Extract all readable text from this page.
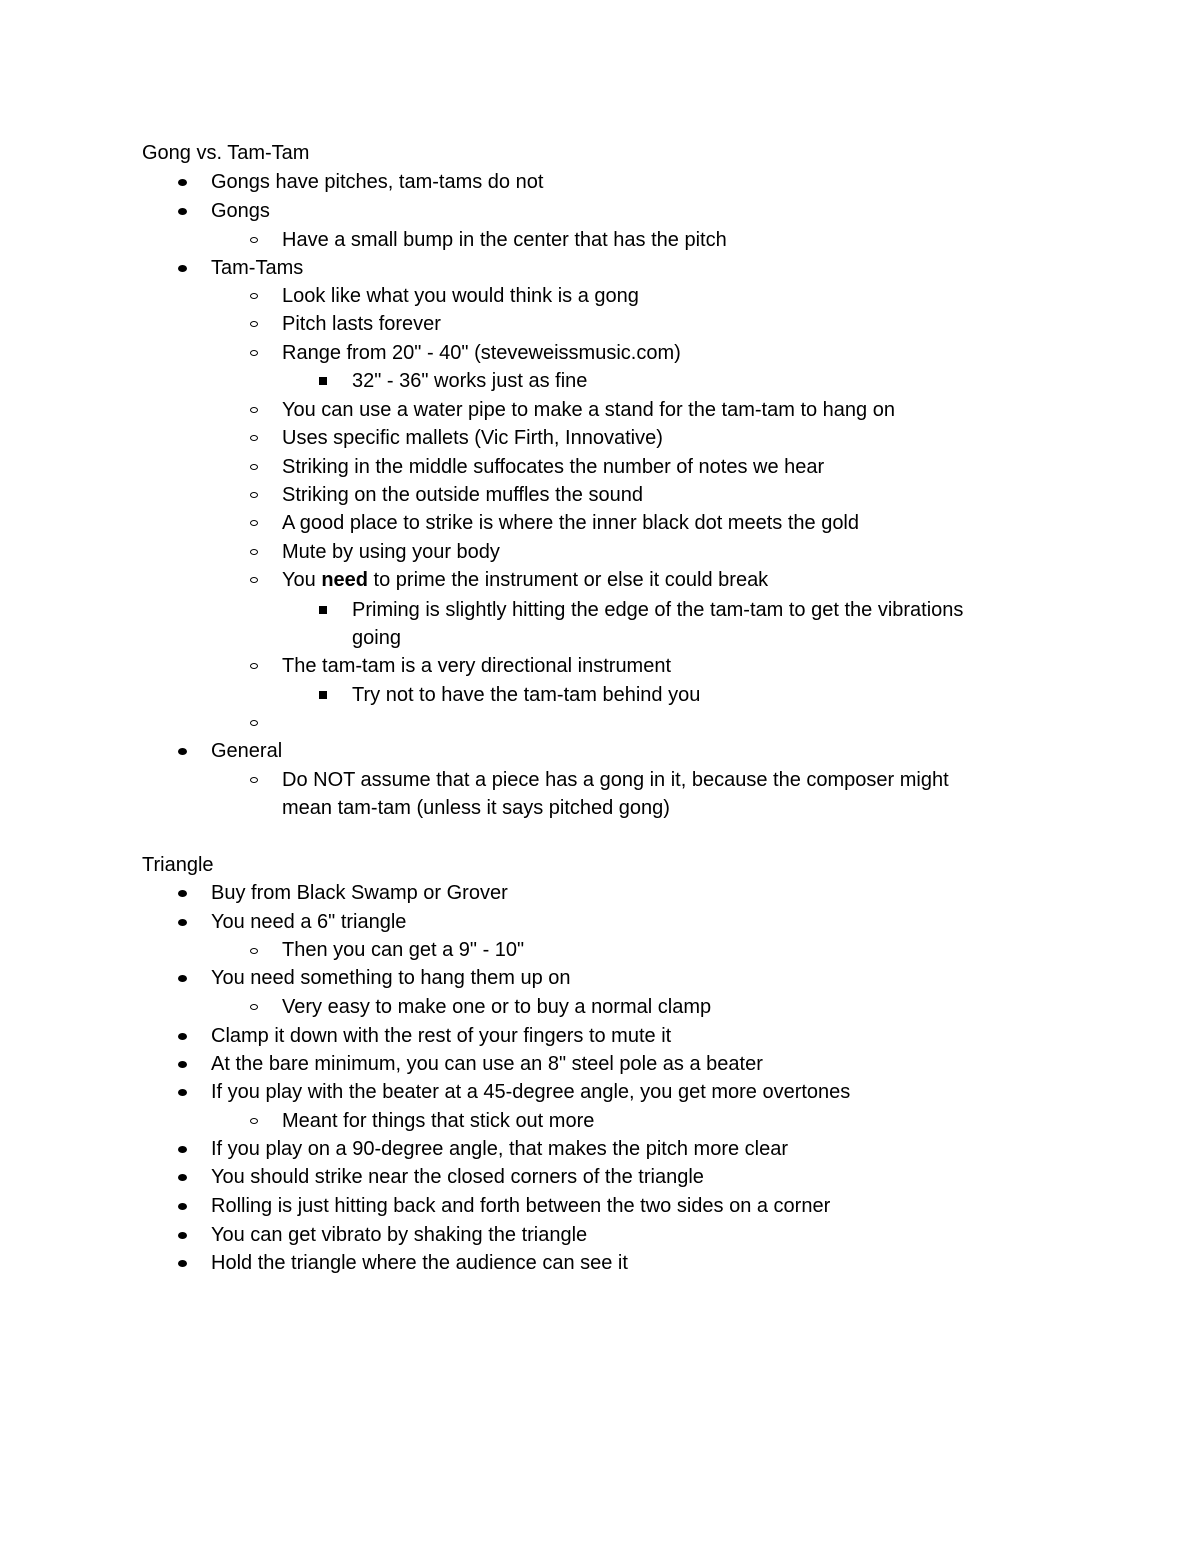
Gong vs. Tam-Tam
Gongs have pitches, tam-tams do not
Gongs
Have a small bump in the center that has the pitch
Tam-Tams
Look like what you would think is a gong
Pitch lasts forever
Range from 20" - 40" (steveweissmusic.com)
32" - 36" works just as fine
You can use a water pipe to make a stand for the tam-tam to hang on
Uses specific mallets (Vic Firth, Innovative)
Striking in the middle suffocates the number of notes we hear
Striking on the outside muffles the sound
A good place to strike is where the inner black dot meets the gold
Mute by using your body
You need to prime the instrument or else it could break
Priming is slightly hitting the edge of the tam-tam to get the vibrations
going
The tam-tam is a very directional instrument
Try not to have the tam-tam behind you
General
Do NOT assume that a piece has a gong in it, because the composer might
mean tam-tam (unless it says pitched gong)
Triangle
Buy from Black Swamp or Grover
You need a 6" triangle
Then you can get a 9" - 10"
You need something to hang them up on
Very easy to make one or to buy a normal clamp
Clamp it down with the rest of your fingers to mute it
At the bare minimum, you can use an 8" steel pole as a beater
If you play with the beater at a 45-degree angle, you get more overtones
Meant for things that stick out more
If you play on a 90-degree angle, that makes the pitch more clear
You should strike near the closed corners of the triangle
Rolling is just hitting back and forth between the two sides on a corner
You can get vibrato by shaking the triangle
Hold the triangle where the audience can see it
